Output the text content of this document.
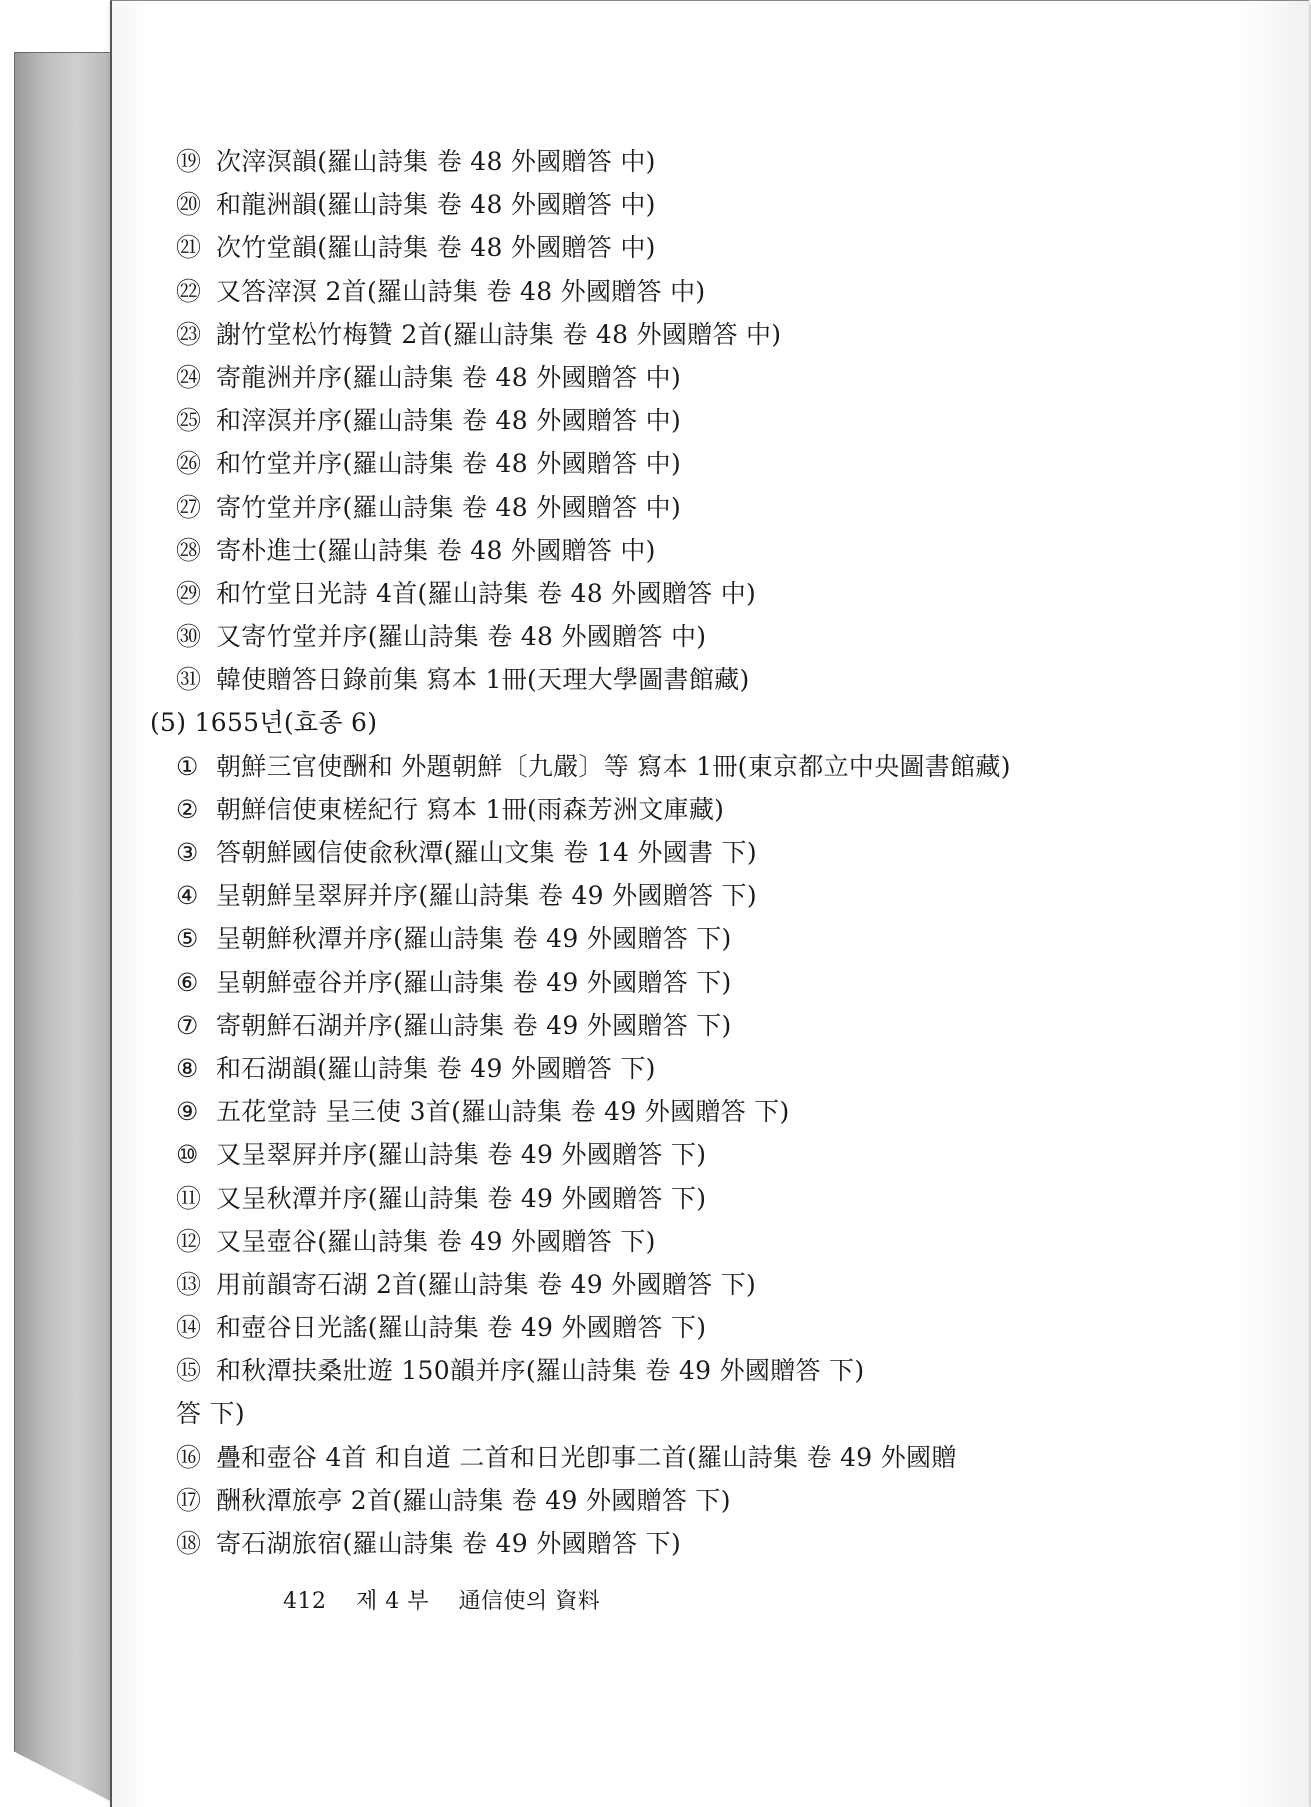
⑲ 次滓溟韻(羅山詩集 卷 48 外國贈答 中)
⑳ 和龍洲韻(羅山詩集 卷 48 外國贈答 中)
㉑ 次竹堂韻(羅山詩集 卷 48 外國贈答 中)
㉒ 又答滓溟 2首(羅山詩集 卷 48 外國贈答 中)
㉓ 謝竹堂松竹梅贊 2首(羅山詩集 卷 48 外國贈答 中)
㉔ 寄龍洲并序(羅山詩集 卷 48 外國贈答 中)
㉕ 和滓溟并序(羅山詩集 卷 48 外國贈答 中)
㉖ 和竹堂并序(羅山詩集 卷 48 外國贈答 中)
㉗ 寄竹堂并序(羅山詩集 卷 48 外國贈答 中)
㉘ 寄朴進士(羅山詩集 卷 48 外國贈答 中)
㉙ 和竹堂日光詩 4首(羅山詩集 卷 48 外國贈答 中)
㉚ 又寄竹堂并序(羅山詩集 卷 48 外國贈答 中)
㉛ 韓使贈答日錄前集 寫本 1冊(天理大學圖書館藏)
(5) 1655년(효종 6)
① 朝鮮三官使酬和 外題朝鮮〔九嚴〕等 寫本 1冊(東京都立中央圖書館藏)
② 朝鮮信使東槎紀行 寫本 1冊(雨森芳洲文庫藏)
③ 答朝鮮國信使兪秋潭(羅山文集 卷 14 外國書 下)
④ 呈朝鮮呈翠屛并序(羅山詩集 卷 49 外國贈答 下)
⑤ 呈朝鮮秋潭并序(羅山詩集 卷 49 外國贈答 下)
⑥ 呈朝鮮壺谷并序(羅山詩集 卷 49 外國贈答 下)
⑦ 寄朝鮮石湖并序(羅山詩集 卷 49 外國贈答 下)
⑧ 和石湖韻(羅山詩集 卷 49 外國贈答 下)
⑨ 五花堂詩 呈三使 3首(羅山詩集 卷 49 外國贈答 下)
⑩ 又呈翠屛并序(羅山詩集 卷 49 外國贈答 下)
⑪ 又呈秋潭并序(羅山詩集 卷 49 外國贈答 下)
⑫ 又呈壺谷(羅山詩集 卷 49 外國贈答 下)
⑬ 用前韻寄石湖 2首(羅山詩集 卷 49 外國贈答 下)
⑭ 和壺谷日光謠(羅山詩集 卷 49 外國贈答 下)
⑮ 和秋潭扶桑壯遊 150韻并序(羅山詩集 卷 49 外國贈答 下)
答 下)
⑯ 疊和壺谷 4首 和自道 二首和日光卽事二首(羅山詩集 卷 49 外國贈
⑰ 酬秋潭旅亭 2首(羅山詩集 卷 49 外國贈答 下)
⑱ 寄石湖旅宿(羅山詩集 卷 49 外國贈答 下)
412 제 4 부 通信使의 資料
